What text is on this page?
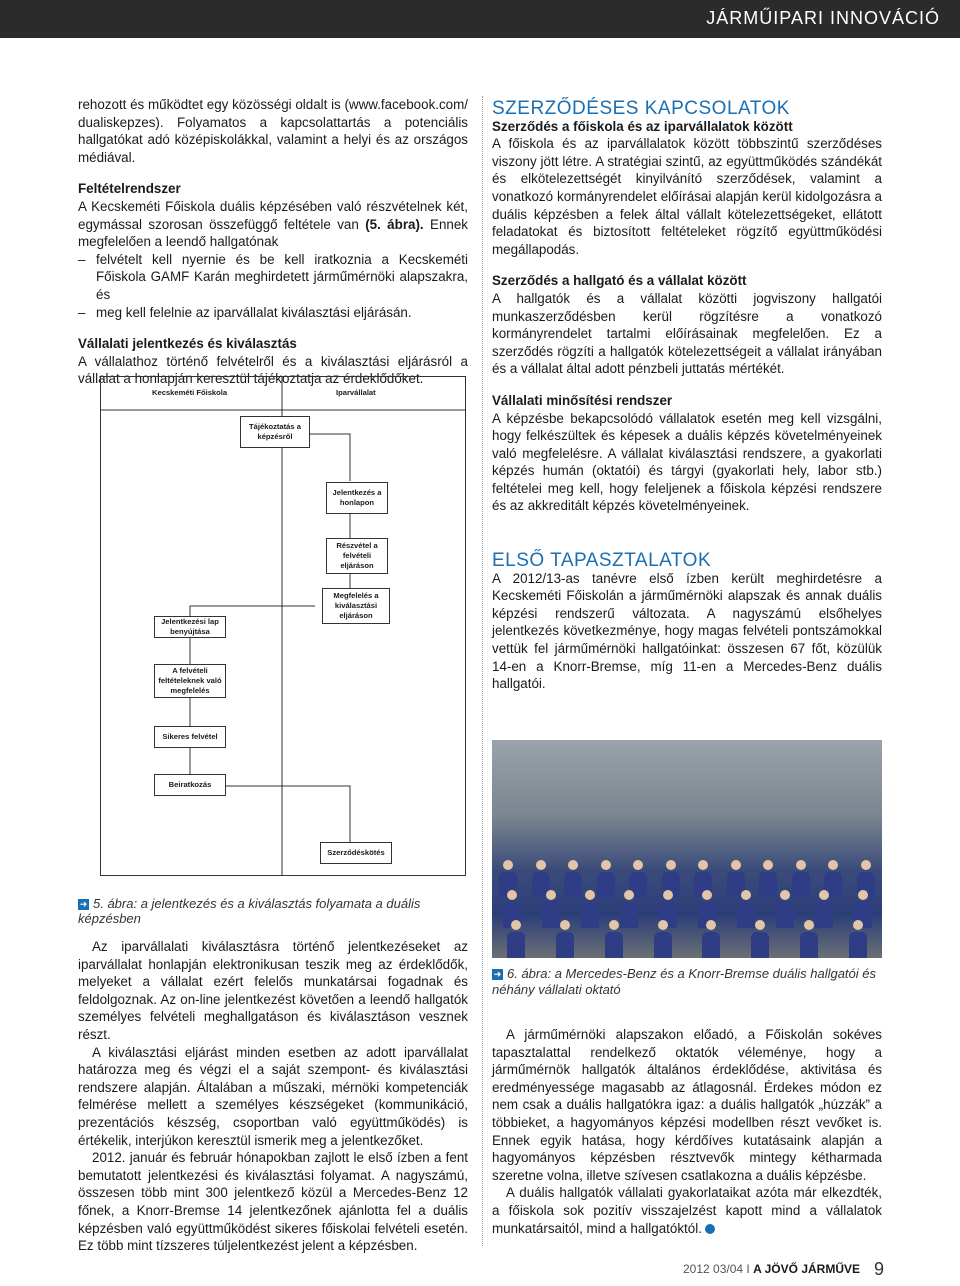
JÁRMŰIPARI INNOVÁCIÓ

rehozott és működtet egy közösségi oldalt is (www.facebook.com/ dualiskepzes). Folyamatos a kapcsolattartás a potenciális hallgatókat adó középiskolákkal, valamint a helyi és az országos médiával.

Feltételrendszer

A Kecskeméti Főiskola duális képzésében való részvételnek két, egymással szorosan összefüggő feltétele van (5. ábra). Ennek megfelelően a leendő hallgatónak

– felvételt kell nyernie és be kell iratkoznia a Kecskeméti Főiskola GAMF Karán meghirdetett járműmérnöki alapszakra, és

– meg kell felelnie az iparvállalat kiválasztási eljárásán.

Vállalati jelentkezés és kiválasztás

A vállalathoz történő felvételről és a kiválasztási eljárásról a vállalat a honlapján keresztül tájékoztatja az érdeklődőket.

Kecskeméti Főiskola	Iparvállalat
Tájékoztatás a képzésről
Jelentkezés a honlapon
Részvétel a felvételi eljáráson
Megfelelés a kiválasztási eljáráson
Jelentkezési lap benyújtása
A felvételi feltételeknek való megfelelés
Sikeres felvétel
Beiratkozás
Szerződéskötés
➜ 5. ábra: a jelentkezés és a kiválasztás folyamata a duális képzésben

Az iparvállalati kiválasztásra történő jelentkezéseket az iparvállalat honlapján elektronikusan teszik meg az érdeklődők, melyeket a vállalat ezért felelős munkatársai fogadnak és feldolgoznak. Az on-line jelentkezést követően a leendő hallgatók személyes felvételi meghallgatáson és kiválasztáson vesznek részt.

A kiválasztási eljárást minden esetben az adott iparvállalat határozza meg és végzi el a saját szempont- és kiválasztási rendszere alapján. Általában a műszaki, mérnöki kompetenciák felmérése mellett a személyes készségeket (kommunikáció, prezentációs készség, csoportban való együttműködés) is értékelik, interjúkon keresztül ismerik meg a jelentkezőket.

2012. január és február hónapokban zajlott le első ízben a fent bemutatott jelentkezési és kiválasztási folyamat. A nagyszámú, összesen több mint 300 jelentkező közül a Mercedes-Benz 12 főnek, a Knorr-Bremse 14 jelentkezőnek ajánlotta fel a duális képzésben való együttműködést sikeres főiskolai felvételi esetén. Ez több mint tízszeres túljelentkezést jelent a képzésben.

SZERZŐDÉSES KAPCSOLATOK

Szerződés a főiskola és az iparvállalatok között

A főiskola és az iparvállalatok között többszintű szerződéses viszony jött létre. A stratégiai szintű, az együttműködés szándékát és elkötelezettségét kinyilvánító szerződések, valamint a vonatkozó kormányrendelet előírásai alapján kerül kidolgozásra a duális képzésben a felek által vállalt kötelezettségeket, ellátott feladatokat és biztosított feltételeket rögzítő együttműködési megállapodás.

Szerződés a hallgató és a vállalat között

A hallgatók és a vállalat közötti jogviszony hallgatói munkaszerződésben kerül rögzítésre a vonatkozó kormányrendelet tartalmi előírásainak megfelelően. Ez a szerződés rögzíti a hallgatók kötelezettségeit a vállalat irányában és a vállalat által adott pénzbeli juttatás mértékét.

Vállalati minősítési rendszer

A képzésbe bekapcsolódó vállalatok esetén meg kell vizsgálni, hogy felkészültek és képesek a duális képzés követelményeinek való megfelelésre. A vállalat kiválasztási rendszere, a gyakorlati képzés humán (oktatói) és tárgyi (gyakorlati hely, labor stb.) feltételei meg kell, hogy feleljenek a főiskola képzési rendszere és az akkreditált képzés követelményeinek.

ELSŐ TAPASZTALATOK

A 2012/13-as tanévre első ízben került meghirdetésre a Kecskeméti Főiskolán a járműmérnöki alapszak és annak duális képzési rendszerű változata. A nagyszámú elsőhelyes jelentkezés következménye, hogy magas felvételi pontszámokkal vettük fel járműmérnöki hallgatóinkat: összesen 67 főt, közülük 14-en a Knorr-Bremse, míg 11-en a Mercedes-Benz duális hallgatói.

➜ 6. ábra: a Mercedes-Benz és a Knorr-Bremse duális hallgatói és néhány vállalati oktató

A járműmérnöki alapszakon előadó, a Főiskolán sokéves tapasztalattal rendelkező oktatók véleménye, hogy a járműmérnök hallgatók általános érdeklődése, aktivitása és eredményessége magasabb az átlagosnál. Érdekes módon ez nem csak a duális hallgatókra igaz: a duális hallgatók „húzzák” a többieket, a hagyományos képzési modellben részt vevőket is. Ennek egyik hatása, hogy kérdőíves kutatásaink alapján a hagyományos képzésben résztvevők mintegy kétharmada szeretne volna, illetve szívesen csatlakozna a duális képzésbe.

A duális hallgatók vállalati gyakorlataikat azóta már elkezdték, a főiskola sok pozitív visszajelzést kapott mind a vállalatok munkatársaitól, mind a hallgatóktól.

2012 03/04 I A JÖVŐ JÁRMŰVE 9
